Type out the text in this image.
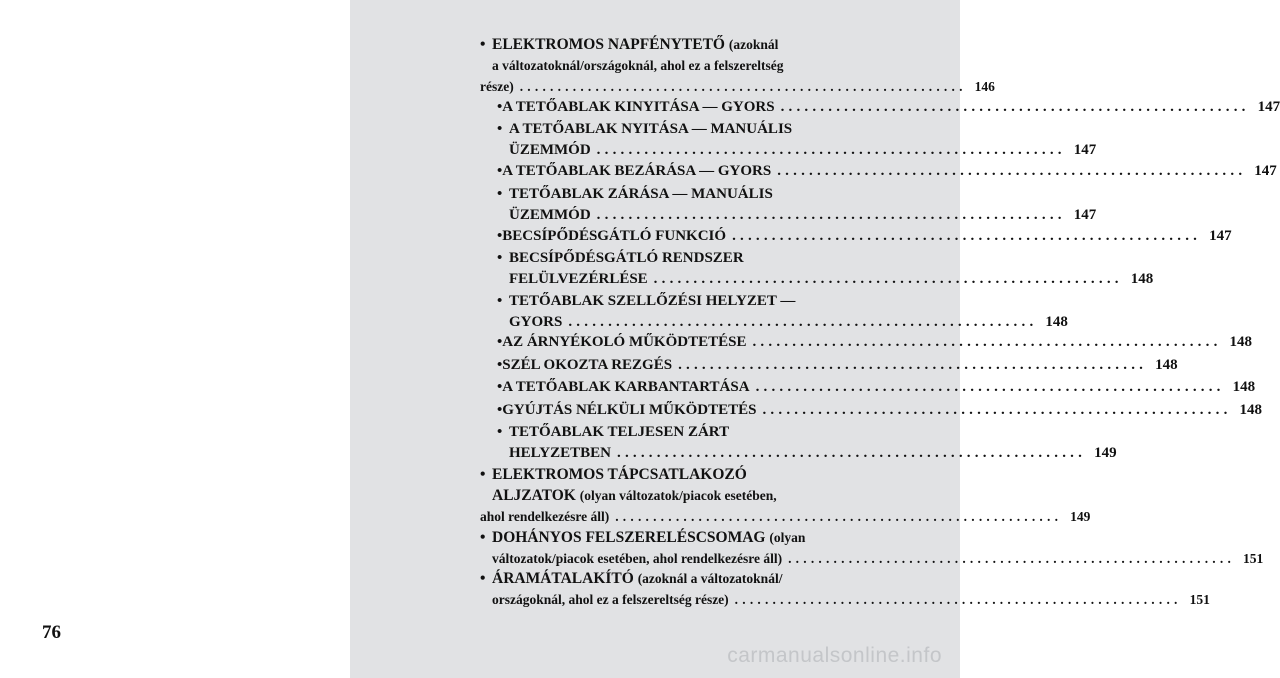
76
• ELEKTROMOS NAPFÉNYTETŐ
(azoknál
a változatoknál/országoknál, ahol ez a felszereltség
része) ........................................................... 146
• A TETŐABLAK KINYITÁSA — GYORS ........................................................... 147
• A TETŐABLAK NYITÁSA — MANUÁLIS
ÜZEMMÓD ........................................................... 147
• A TETŐABLAK BEZÁRÁSA — GYORS ........................................................... 147
• TETŐABLAK ZÁRÁSA — MANUÁLIS
ÜZEMMÓD ........................................................... 147
• BECSÍPŐDÉSGÁTLÓ FUNKCIÓ ........................................................... 147
• BECSÍPŐDÉSGÁTLÓ RENDSZER
FELÜLVEZÉRLÉSE ........................................................... 148
• TETŐABLAK SZELLŐZÉSI HELYZET —
GYORS ........................................................... 148
• AZ ÁRNYÉKOLÓ MŰKÖDTETÉSE ........................................................... 148
• SZÉL OKOZTA REZGÉS ........................................................... 148
• A TETŐABLAK KARBANTARTÁSA ........................................................... 148
• GYÚJTÁS NÉLKÜLI MŰKÖDTETÉS ........................................................... 148
• TETŐABLAK TELJESEN ZÁRT
HELYZETBEN ........................................................... 149
• ELEKTROMOS TÁPCSATLAKOZÓ
ALJZATOK
(olyan változatok/piacok esetében,
ahol rendelkezésre áll) ........................................................... 149
• DOHÁNYOS FELSZERELÉSCSOMAG
(olyan
változatok/piacok esetében, ahol rendelkezésre áll) ........................................................... 151
• ÁRAMÁTALAKÍTÓ
(azoknál a változatoknál/
országoknál, ahol ez a felszereltség része) ........................................................... 151
carmanualsonline.info
